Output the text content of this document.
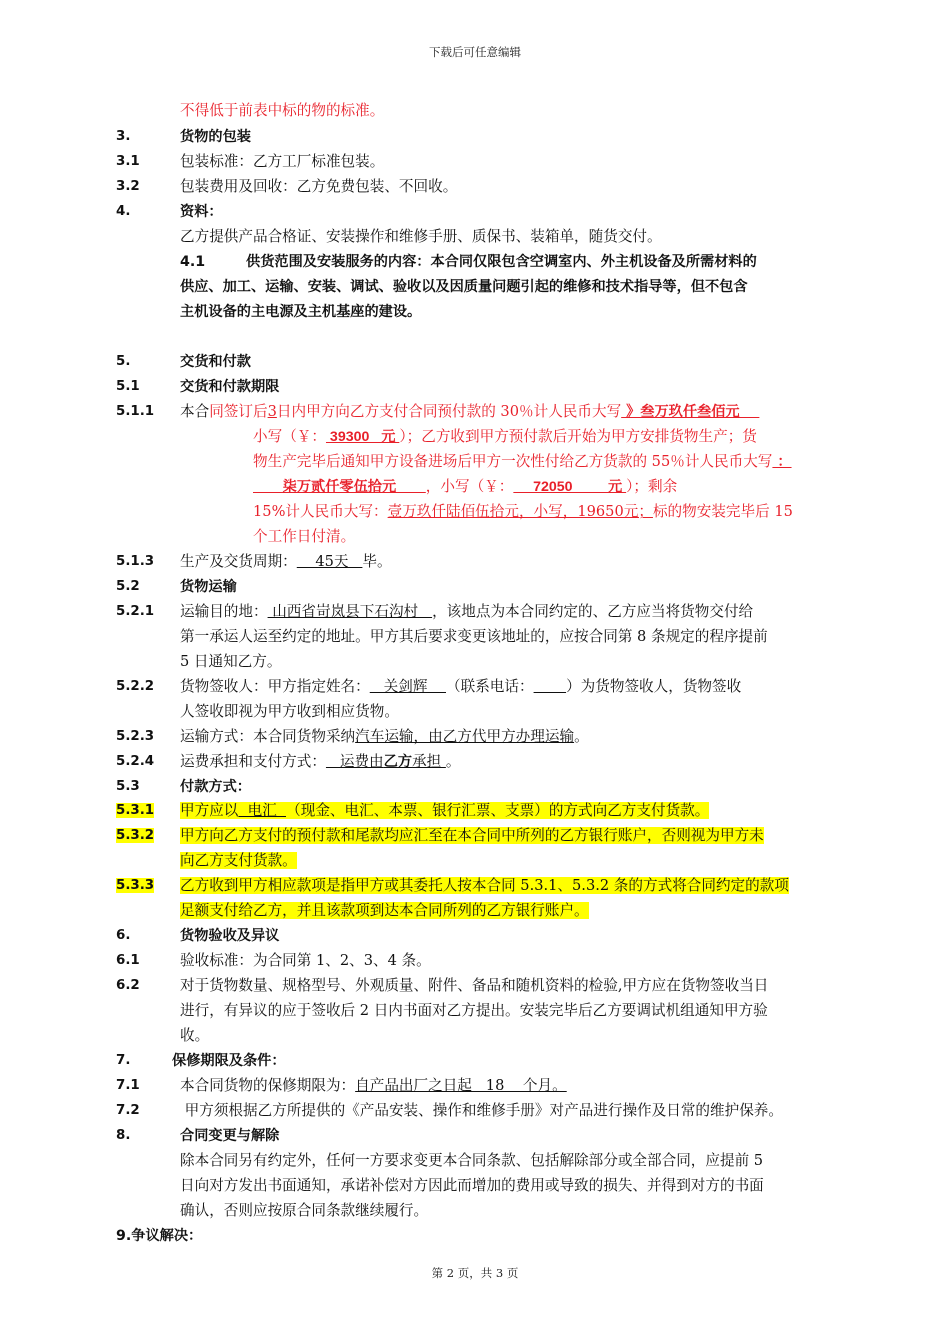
下载后可任意编辑
不得低于前表中标的物的标准。
3.	货物的包装
3.1	包装标准：乙方工厂标准包装。
3.2	包装费用及回收：乙方免费包装、不回收。
4.	资料：
乙方提供产品合格证、安装操作和维修手册、质保书、装箱单，随货交付。
4.1	供货范围及安装服务的内容：本合同仅限包含空调室内、外主机设备及所需材料的
供应、加工、运输、安装、调试、验收以及因质量问题引起的维修和技术指导等，但不包含
主机设备的主电源及主机基座的建设。
5.	交货和付款
5.1	交货和付款期限
5.1.1 本合同签订后3日内甲方向乙方支付合同预付款的 30％计人民币大写 》叁万玖仟叁佰元
小写（￥： 39300   元 ）；乙方收到甲方预付款后开始为甲方安排货物生产；货
物生产完毕后通知甲方设备进场后甲方一次性付给乙方货款的 55％计人民币大写 ：
柒万贰仟零伍拾元      ，小写（￥：     72050         元 ）；剩余
15%计人民币大写：壹万玖仟陆佰伍拾元，小写，19650元；标的物安装完毕后 15
个工作日付清。
5.1.3 生产及交货周期：    45天   毕。
5.2	货物运输
5.2.1 运输目的地： 山西省岢岚县下石沟村   ，该地点为本合同约定的、乙方应当将货物交付给
第一承运人运至约定的地址。甲方其后要求变更该地址的，应按合同第 8 条规定的程序提前
5 日通知乙方。
5.2.2 货物签收人：甲方指定姓名：   关剑辉    （联系电话： ）为货物签收人，货物签收
人签收即视为甲方收到相应货物。
5.2.3 运输方式：本合同货物采纳汽车运输，由乙方代甲方办理运输。
5.2.4 运费承担和支付方式：   运费由乙方承担 。
5.3	付款方式：
5.3.1 甲方应以  电汇  （现金、电汇、本票、银行汇票、支票）的方式向乙方支付货款。
5.3.2 甲方向乙方支付的预付款和尾款均应汇至在本合同中所列的乙方银行账户，否则视为甲方未
向乙方支付货款。
5.3.3 乙方收到甲方相应款项是指甲方或其委托人按本合同 5.3.1、5.3.2 条的方式将合同约定的款项
足额支付给乙方，并且该款项到达本合同所列的乙方银行账户。
6.	货物验收及异议
6.1	验收标准：为合同第 1、2、3、4 条。
6.2	对于货物数量、规格型号、外观质量、附件、备品和随机资料的检验,甲方应在货物签收当日
进行，有异议的应于签收后 2 日内书面对乙方提出。安装完毕后乙方要调试机组通知甲方验
收。
7.	保修期限及条件：
7.1	本合同货物的保修期限为：自产品出厂之日起   18    个月。
7.2	甲方须根据乙方所提供的《产品安装、操作和维修手册》对产品进行操作及日常的维护保养。
8.	合同变更与解除
除本合同另有约定外，任何一方要求变更本合同条款、包括解除部分或全部合同，应提前 5
日向对方发出书面通知，承诺补偿对方因此而增加的费用或导致的损失、并得到对方的书面
确认，否则应按原合同条款继续履行。
9.争议解决：
第 2 页，共 3 页
